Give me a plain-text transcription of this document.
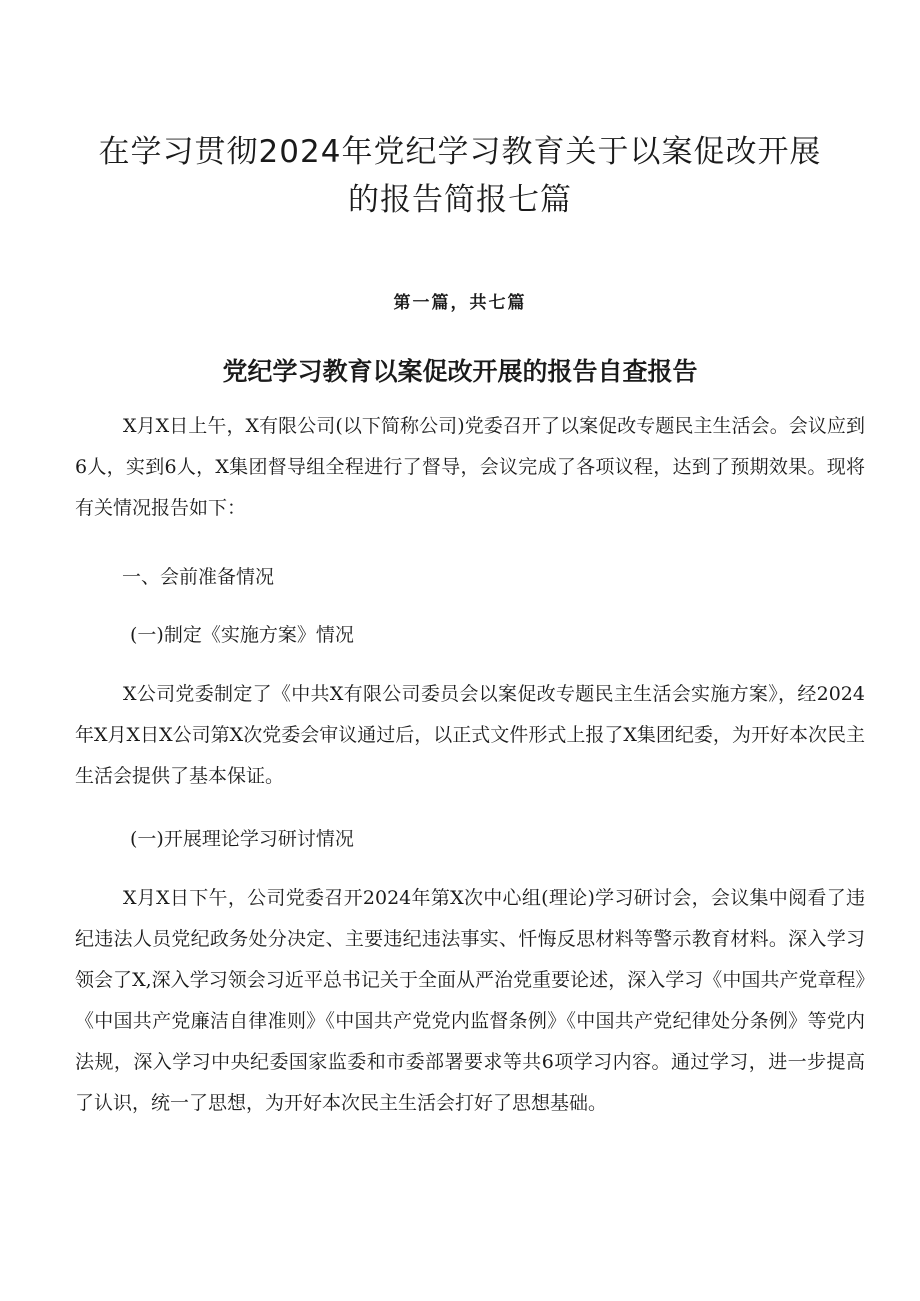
在学习贯彻2024年党纪学习教育关于以案促改开展
的报告简报七篇
第一篇，共七篇
党纪学习教育以案促改开展的报告自查报告

X月X日上午，X有限公司(以下简称公司)党委召开了以案促改专题民主生活会。会议应到6人，实到6人，X集团督导组全程进行了督导，会议完成了各项议程，达到了预期效果。现将有关情况报告如下：

一、会前准备情况

(一)制定《实施方案》情况

X公司党委制定了《中共X有限公司委员会以案促改专题民主生活会实施方案》，经2024年X月X日X公司第X次党委会审议通过后，以正式文件形式上报了X集团纪委，为开好本次民主生活会提供了基本保证。

(一)开展理论学习研讨情况

X月X日下午，公司党委召开2024年第X次中心组(理论)学习研讨会，会议集中阅看了违纪违法人员党纪政务处分决定、主要违纪违法事实、忏悔反思材料等警示教育材料。深入学习领会了X,深入学习领会习近平总书记关于全面从严治党重要论述，深入学习《中国共产党章程》《中国共产党廉洁自律准则》《中国共产党党内监督条例》《中国共产党纪律处分条例》等党内法规，深入学习中央纪委国家监委和市委部署要求等共6项学习内容。通过学习，进一步提高了认识，统一了思想，为开好本次民主生活会打好了思想基础。
